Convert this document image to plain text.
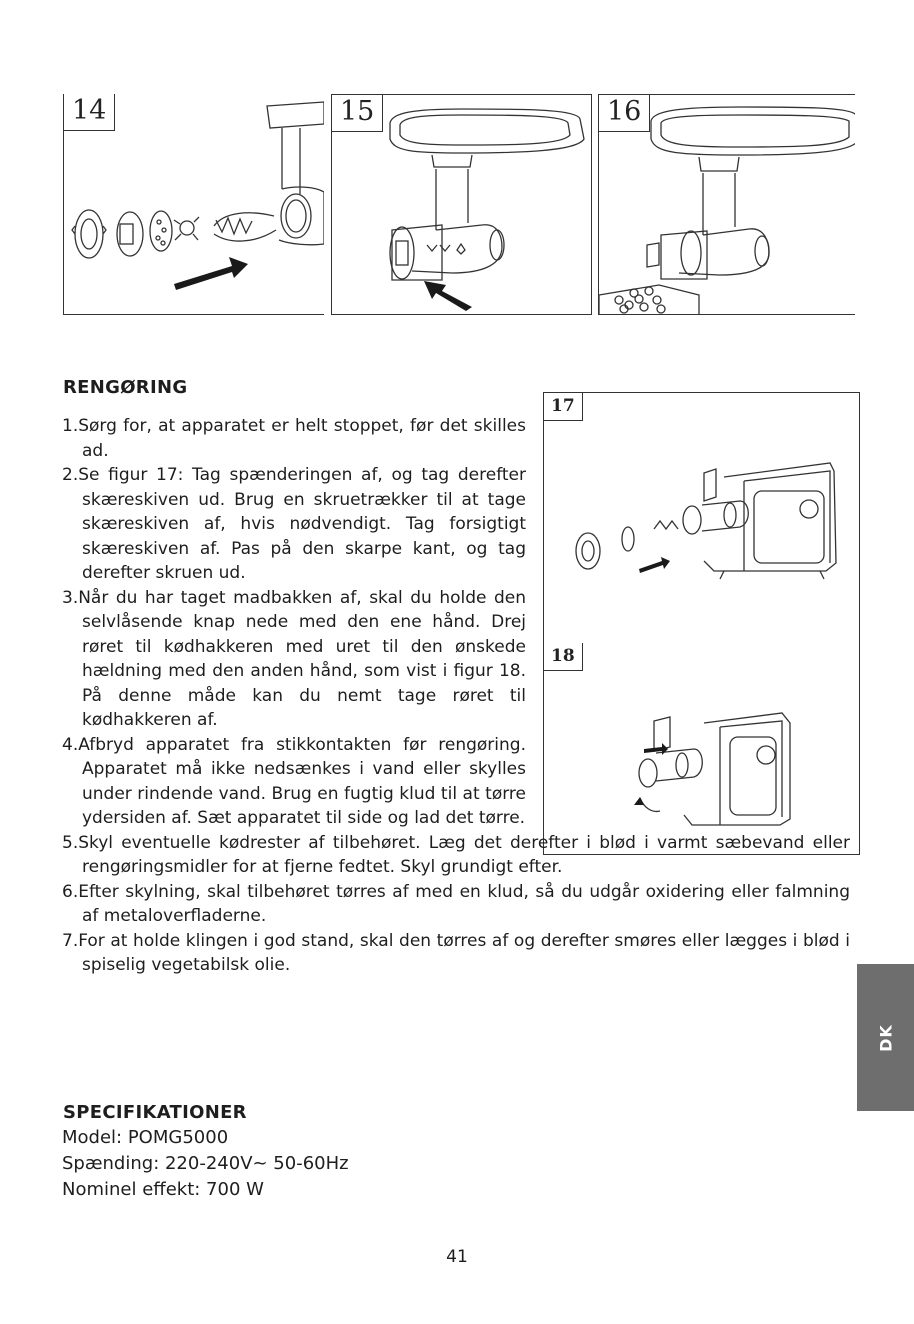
14	15	16
17
18
RENGØRING
1.Sørg for, at apparatet er helt stoppet, før det skilles ad.
2.Se figur 17: Tag spænderingen af, og tag derefter skæreskiven ud. Brug en skruetrækker til at tage skæreskiven af, hvis nødvendigt. Tag forsigtigt skæreskiven af. Pas på den skarpe kant, og tag derefter skruen ud.
3.Når du har taget madbakken af, skal du holde den selvlåsende knap nede med den ene hånd. Drej røret til kødhakkeren med uret til den ønskede hældning med den anden hånd, som vist i figur 18. På denne måde kan du nemt tage røret til kødhakkeren af.
4.Afbryd apparatet fra stikkontakten før rengøring. Apparatet må ikke nedsænkes i vand eller skylles under rindende vand. Brug en fugtig klud til at tørre ydersiden af. Sæt apparatet til side og lad det tørre.
5.Skyl eventuelle kødrester af tilbehøret. Læg det derefter i blød i varmt sæbevand eller rengøringsmidler for at fjerne fedtet. Skyl grundigt efter.
6.Efter skylning, skal tilbehøret tørres af med en klud, så du udgår oxidering eller falmning af metaloverfladerne.
7.For at holde klingen i god stand, skal den tørres af og derefter smøres eller lægges i blød i spiselig vegetabilsk olie.
SPECIFIKATIONER

Model: POMG5000

Spænding: 220-240V~ 50-60Hz

Nominel effekt: 700 W

41
DK
